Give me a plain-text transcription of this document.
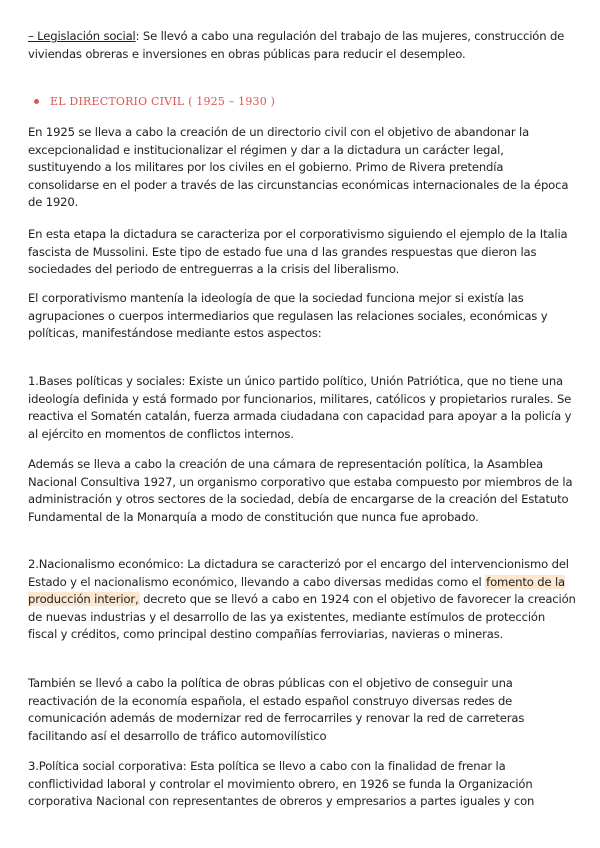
– Legislación social: Se llevó a cabo una regulación del trabajo de las mujeres, construcción de viviendas obreras e inversiones en obras públicas para reducir el desempleo.

EL DIRECTORIO CIVIL ( 1925 – 1930 )

En 1925 se lleva a cabo la creación de un directorio civil con el objetivo de abandonar la excepcionalidad e institucionalizar el régimen y dar a la dictadura un carácter legal, sustituyendo a los militares por los civiles en el gobierno. Primo de Rivera pretendía consolidarse en el poder a través de las circunstancias económicas internacionales de la época de 1920.

En esta etapa la dictadura se caracteriza por el corporativismo siguiendo el ejemplo de la Italia fascista de Mussolini. Este tipo de estado fue una d las grandes respuestas que dieron las sociedades del periodo de entreguerras a la crisis del liberalismo.

El corporativismo mantenía la ideología de que la sociedad funciona mejor si existía las agrupaciones o cuerpos intermediarios que regulasen las relaciones sociales, económicas y políticas, manifestándose mediante estos aspectos:

1.Bases políticas y sociales: Existe un único partido político, Unión Patriótica, que no tiene una ideología definida y está formado por funcionarios, militares, católicos y propietarios rurales. Se reactiva el Somatén catalán, fuerza armada ciudadana con capacidad para apoyar a la policía y al ejército en momentos de conflictos internos.

Además se lleva a cabo la creación de una cámara de representación política, la Asamblea Nacional Consultiva 1927, un organismo corporativo que estaba compuesto por miembros de la administración y otros sectores de la sociedad, debía de encargarse de la creación del Estatuto Fundamental de la Monarquía a modo de constitución que nunca fue aprobado.

2.Nacionalismo económico: La dictadura se caracterizó por el encargo del intervencionismo del Estado y el nacionalismo económico, llevando a cabo diversas medidas como el fomento de la producción interior, decreto que se llevó a cabo en 1924 con el objetivo de favorecer la creación de nuevas industrias y el desarrollo de las ya existentes, mediante estímulos de protección fiscal y créditos, como principal destino compañías ferroviarias, navieras o mineras.

También se llevó a cabo la política de obras públicas con el objetivo de conseguir una reactivación de la economía española, el estado español construyo diversas redes de comunicación además de modernizar red de ferrocarriles y renovar la red de carreteras facilitando así el desarrollo de tráfico automovilístico

3.Política social corporativa: Esta política se llevo a cabo con la finalidad de frenar la conflictividad laboral y controlar el movimiento obrero, en 1926 se funda la Organización corporativa Nacional con representantes de obreros y empresarios a partes iguales y con
